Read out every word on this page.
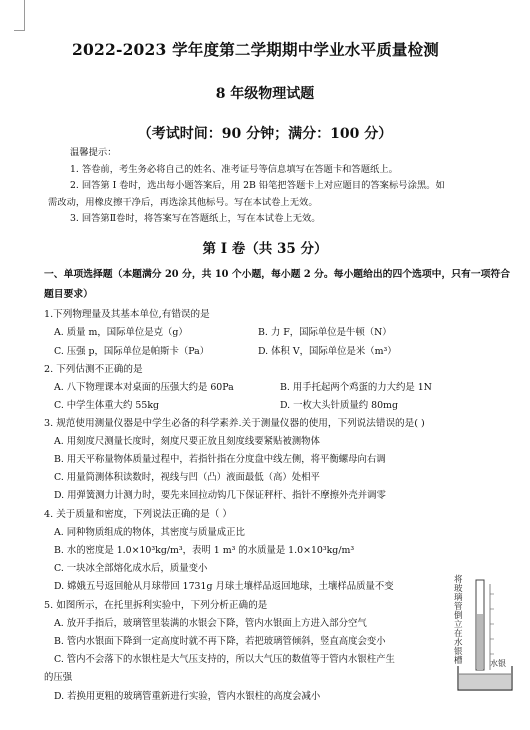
2022-2023 学年度第二学期期中学业水平质量检测
8 年级物理试题
（考试时间：90 分钟；满分：100 分）
温馨提示：
1. 答卷前，考生务必将自己的姓名、准考证号等信息填写在答题卡和答题纸上。
2. 回答第 I 卷时，选出每小题答案后，用 2B 铅笔把答题卡上对应题目的答案标号涂黑。如
需改动，用橡皮擦干净后，再选涂其他标号。写在本试卷上无效。
3. 回答第Ⅱ卷时，将答案写在答题纸上，写在本试卷上无效。
第 I 卷（共 35 分）
一、单项选择题（本题满分 20 分，共 10 个小题，每小题 2 分。每小题给出的四个选项中，只有一项符合题目要求）
1.下列物理量及其基本单位,有错误的是
A. 质量 m，国际单位是克（g）	B. 力 F，国际单位是牛顿（N）
C. 压强 p，国际单位是帕斯卡（Pa）	D. 体积 V，国际单位是米（m³）
2. 下列估测不正确的是
A. 八下物理课本对桌面的压强大约是 60Pa	B. 用手托起两个鸡蛋的力大约是 1N
C. 中学生体重大约 55kg	D. 一枚大头针质量约 80mg
3. 规范使用测量仪器是中学生必备的科学素养.关于测量仪器的使用，下列说法错误的是( )
A. 用刻度尺测量长度时，刻度尺要正放且刻度线要紧贴被测物体
B. 用天平称量物体质量过程中，若指针指在分度盘中线左侧，将平衡螺母向右调
C. 用量筒测体积读数时，视线与凹（凸）液面最低（高）处相平
D. 用弹簧测力计测力时，要先来回拉动钩几下保证秤杆、指针不摩擦外壳并调零
4. 关于质量和密度，下列说法正确的是（ ）
A. 同种物质组成的物体，其密度与质量成正比
B. 水的密度是 1.0×10³kg/m³，表明 1 m³ 的水质量是 1.0×10³kg/m³
C. 一块冰全部熔化成水后，质量变小
D. 嫦娥五号返回舱从月球带回 1731g 月球土壤样品返回地球，土壤样品质量不变
5. 如图所示，在托里拆利实验中，下列分析正确的是
A. 放开手指后，玻璃管里装满的水银会下降，管内水银面上方进入部分空气
B. 管内水银面下降到一定高度时就不再下降，若把玻璃管倾斜，竖直高度会变小
C. 管内不会落下的水银柱是大气压支持的，所以大气压的数值等于管内水银柱产生
的压强
D. 若换用更粗的玻璃管重新进行实验，管内水银柱的高度会减小
将玻璃管倒立在水银槽	水银
